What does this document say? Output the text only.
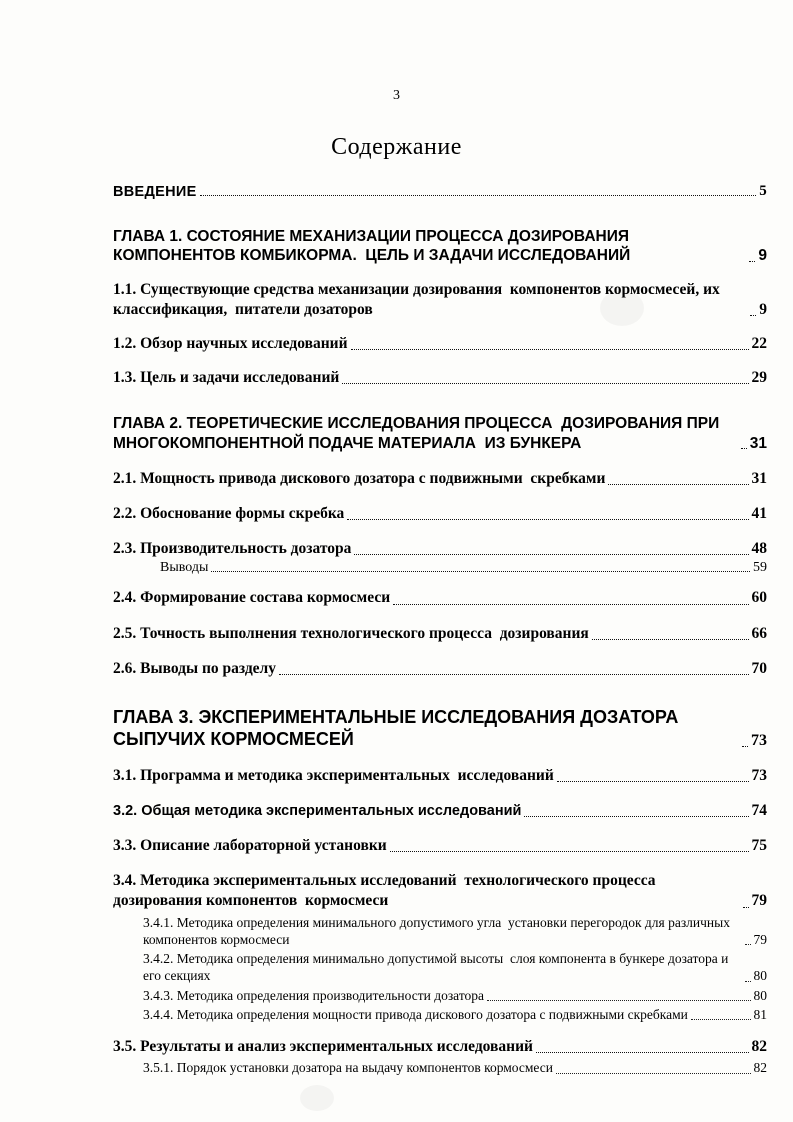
3
Содержание
ВВЕДЕНИЕ	5
ГЛАВА 1. СОСТОЯНИЕ МЕХАНИЗАЦИИ ПРОЦЕССА ДОЗИРОВАНИЯ КОМПОНЕНТОВ КОМБИКОРМА.  ЦЕЛЬ И ЗАДАЧИ ИССЛЕДОВАНИЙ	9
1.1. Существующие средства механизации дозирования  компонентов кормосмесей, их классификация,  питатели дозаторов	9
1.2. Обзор научных исследований	22
1.3. Цель и задачи исследований	29
ГЛАВА 2. ТЕОРЕТИЧЕСКИЕ ИССЛЕДОВАНИЯ ПРОЦЕССА  ДОЗИРОВАНИЯ ПРИ МНОГОКОМПОНЕНТНОЙ ПОДАЧЕ МАТЕРИАЛА  ИЗ БУНКЕРА	31
2.1. Мощность привода дискового дозатора с подвижными  скребками	31
2.2. Обоснование формы скребка	41
2.3. Производительность дозатора	48
Выводы	59
2.4. Формирование состава кормосмеси	60
2.5. Точность выполнения технологического процесса  дозирования	66
2.6. Выводы по разделу	70
ГЛАВА 3. ЭКСПЕРИМЕНТАЛЬНЫЕ ИССЛЕДОВАНИЯ ДОЗАТОРА СЫПУЧИХ КОРМОСМЕСЕЙ	73
3.1. Программа и методика экспериментальных  исследований	73
3.2. Общая методика экспериментальных исследований	74
3.3. Описание лабораторной установки	75
3.4. Методика экспериментальных исследований  технологического процесса дозирования компонентов  кормосмеси	79
3.4.1. Методика определения минимального допустимого угла  установки перегородок для различных компонентов кормосмеси	79
3.4.2. Методика определения минимально допустимой высоты  слоя компонента в бункере дозатора и его секциях	80
3.4.3. Методика определения производительности дозатора	80
3.4.4. Методика определения мощности привода дискового дозатора с подвижными скребками	81
3.5. Результаты и анализ экспериментальных исследований	82
3.5.1. Порядок установки дозатора на выдачу компонентов кормосмеси	82
